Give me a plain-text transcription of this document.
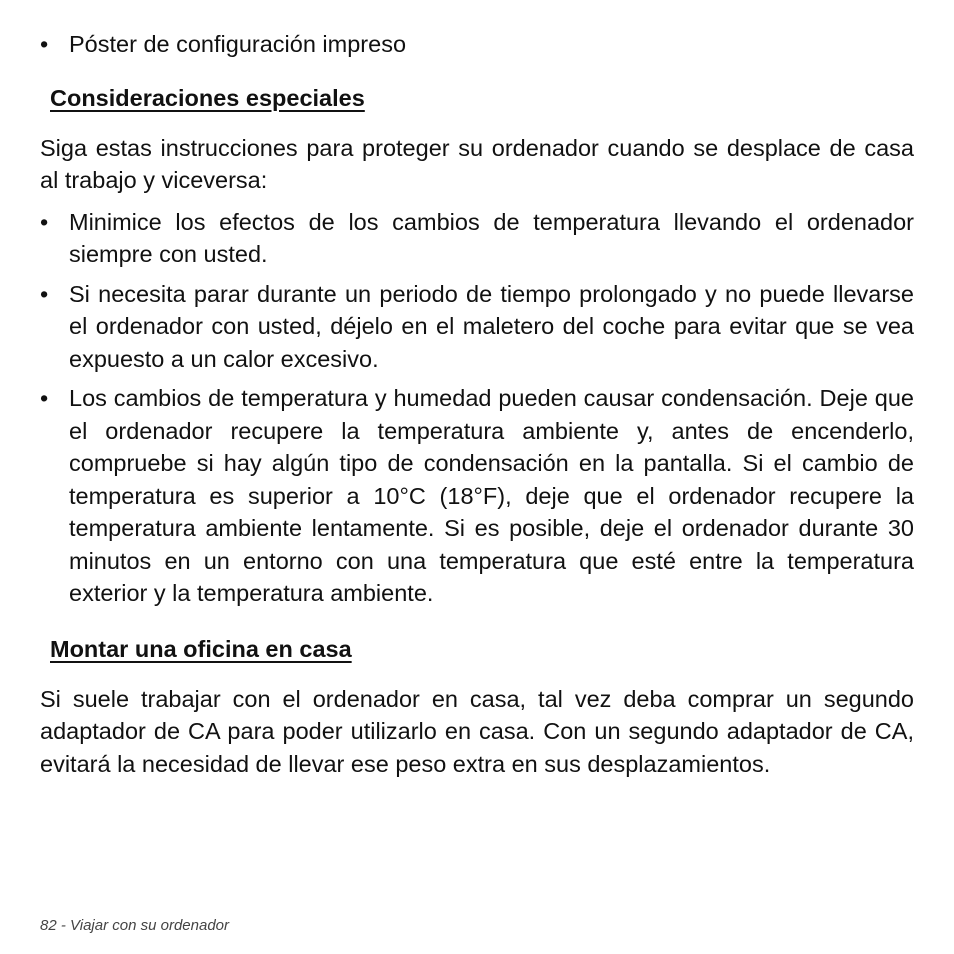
• Póster de configuración impreso
Consideraciones especiales

Siga estas instrucciones para proteger su ordenador cuando se desplace de casa al trabajo y viceversa:

• Minimice los efectos de los cambios de temperatura llevando el ordenador siempre con usted.
• Si necesita parar durante un periodo de tiempo prolongado y no puede llevarse el ordenador con usted, déjelo en el maletero del coche para evitar que se vea expuesto a un calor excesivo.
• Los cambios de temperatura y humedad pueden causar condensación. Deje que el ordenador recupere la temperatura ambiente y, antes de encenderlo, compruebe si hay algún tipo de condensación en la pantalla. Si el cambio de temperatura es superior a 10°C (18°F), deje que el ordenador recupere la temperatura ambiente lentamente. Si es posible, deje el ordenador durante 30 minutos en un entorno con una temperatura que esté entre la temperatura exterior y la temperatura ambiente.
Montar una oficina en casa

Si suele trabajar con el ordenador en casa, tal vez deba comprar un segundo adaptador de CA para poder utilizarlo en casa. Con un segundo adaptador de CA, evitará la necesidad de llevar ese peso extra en sus desplazamientos.

82 - Viajar con su ordenador
